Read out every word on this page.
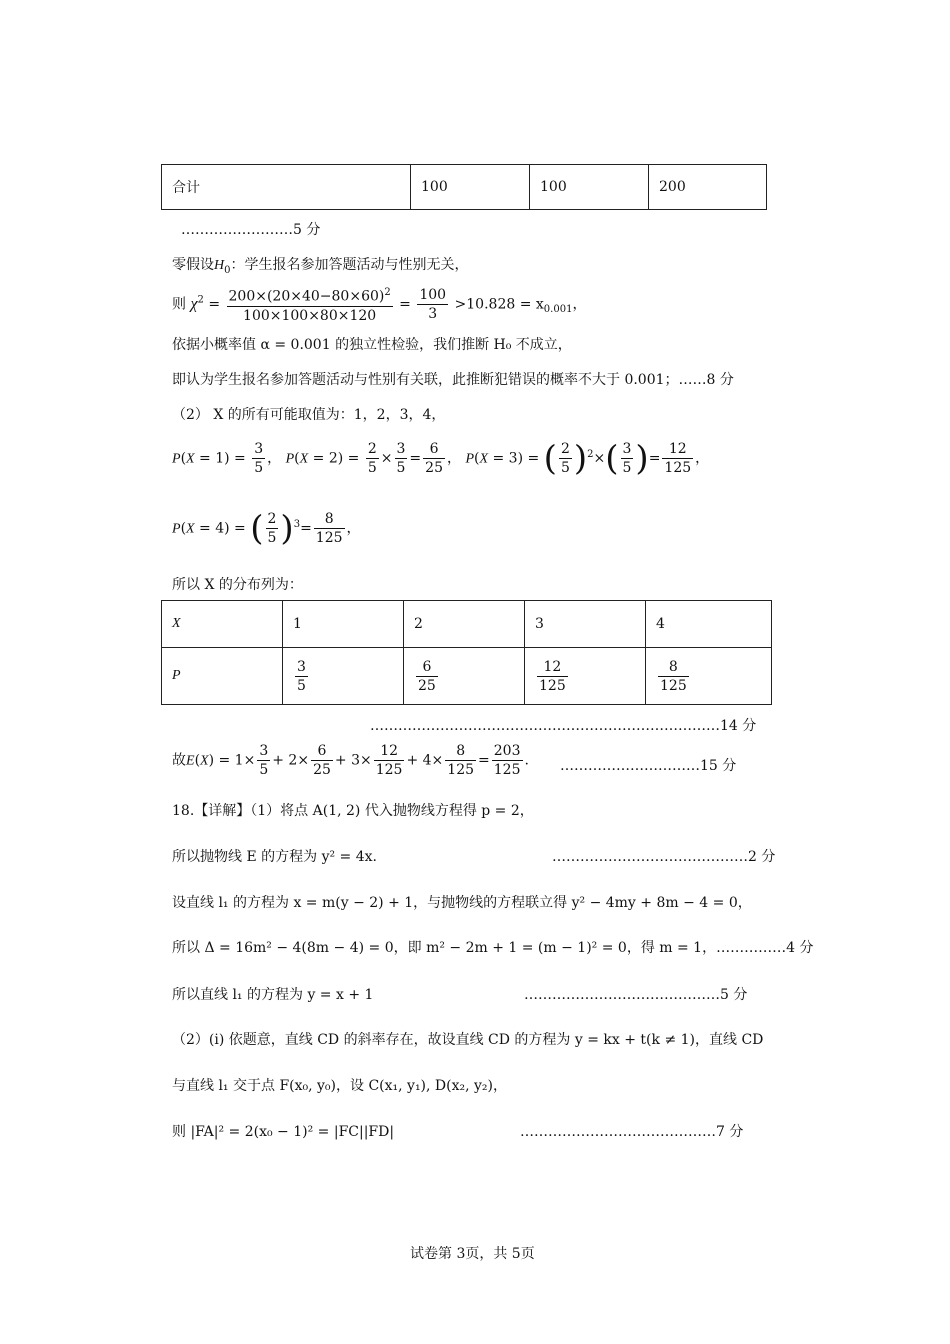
合计	100	100	200
……………………5 分
零假设$H_0$：学生报名参加答题活动与性别无关，
则 $\chi^2 = \frac{200\times(20\times 40-80\times 60)^2}{100\times 100\times 80\times 120} = \frac{100}{3} >10.828 = x_{0.001}$，
依据小概率值 α = 0.001 的独立性检验，我们推断 H₀ 不成立，
即认为学生报名参加答题活动与性别有关联，此推断犯错误的概率不大于 0.001；……8 分
（2） X 的所有可能取值为：1，2，3，4，
$P(X = 1) = \frac{3}{5}$ ， $P(X = 2) = \frac{2}{5} \times \frac{3}{5} = \frac{6}{25}$ ， P(X = 3) = ( $\frac{2}{5} )^2\times( \frac{3}{5}$ )= $\frac{12}{125}$ ，
P(X = 4) = ( $\frac{2}{5} )^3= \frac{8}{125}$ ，
所以 X 的分布列为：
X	1	2	3	4
P	$\frac{3}{5}$	$\frac{6}{25}$	$\frac{12}{125}$	$\frac{8}{125}$
…………………………………………………………………14 分
故$E(X) = 1\times \frac{3}{5} + 2\times \frac{6}{25} + 3\times \frac{12}{125} + 4\times \frac{8}{125} = \frac{203}{125}$ . …………………………15 分
18.【详解】（1）将点 A(1, 2) 代入抛物线方程得 p = 2，
所以抛物线 E 的方程为 y² = 4x.	……………………………………2 分
设直线 l₁ 的方程为 x = m(y − 2) + 1，与抛物线的方程联立得 y² − 4my + 8m − 4 = 0，
所以 Δ = 16m² − 4(8m − 4) = 0，即 m² − 2m + 1 = (m − 1)² = 0，得 m = 1，……………4 分
所以直线 l₁ 的方程为 y = x + 1	……………………………………5 分
（2）(i) 依题意，直线 CD 的斜率存在，故设直线 CD 的方程为 y = kx + t(k ≠ 1)，直线 CD
与直线 l₁ 交于点 F(x₀, y₀)，设 C(x₁, y₁), D(x₂, y₂)，
则 |FA|² = 2(x₀ − 1)² = |FC||FD|	……………………………………7 分
试卷第 3页，共 5页
